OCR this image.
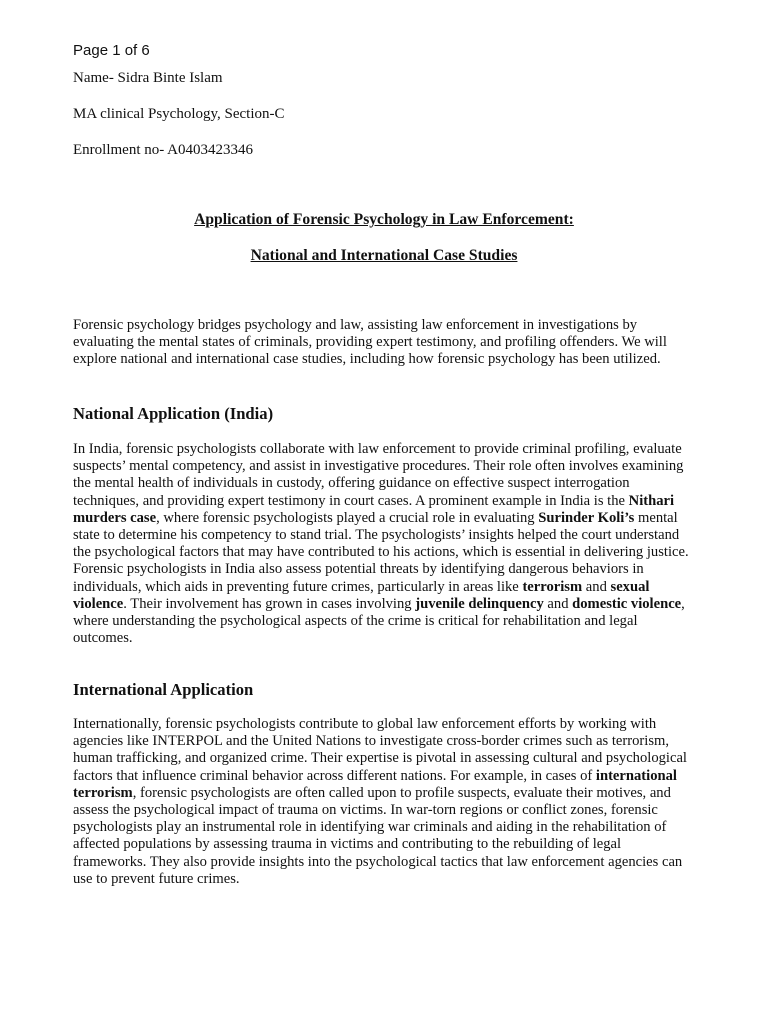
Page 1 of 6
Name- Sidra Binte Islam
MA clinical Psychology, Section-C
Enrollment no- A0403423346
Application of Forensic Psychology in Law Enforcement:
National and International Case Studies

Forensic psychology bridges psychology and law, assisting law enforcement in investigations by evaluating the mental states of criminals, providing expert testimony, and profiling offenders. We will explore national and international case studies, including how forensic psychology has been utilized.

National Application (India)

In India, forensic psychologists collaborate with law enforcement to provide criminal profiling, evaluate suspects’ mental competency, and assist in investigative procedures. Their role often involves examining the mental health of individuals in custody, offering guidance on effective suspect interrogation techniques, and providing expert testimony in court cases. A prominent example in India is the Nithari murders case, where forensic psychologists played a crucial role in evaluating Surinder Koli’s mental state to determine his competency to stand trial. The psychologists’ insights helped the court understand the psychological factors that may have contributed to his actions, which is essential in delivering justice. Forensic psychologists in India also assess potential threats by identifying dangerous behaviors in individuals, which aids in preventing future crimes, particularly in areas like terrorism and sexual violence. Their involvement has grown in cases involving juvenile delinquency and domestic violence, where understanding the psychological aspects of the crime is critical for rehabilitation and legal outcomes.

International Application

Internationally, forensic psychologists contribute to global law enforcement efforts by working with agencies like INTERPOL and the United Nations to investigate cross-border crimes such as terrorism, human trafficking, and organized crime. Their expertise is pivotal in assessing cultural and psychological factors that influence criminal behavior across different nations. For example, in cases of international terrorism, forensic psychologists are often called upon to profile suspects, evaluate their motives, and assess the psychological impact of trauma on victims. In war-torn regions or conflict zones, forensic psychologists play an instrumental role in identifying war criminals and aiding in the rehabilitation of affected populations by assessing trauma in victims and contributing to the rebuilding of legal frameworks. They also provide insights into the psychological tactics that law enforcement agencies can use to prevent future crimes.
